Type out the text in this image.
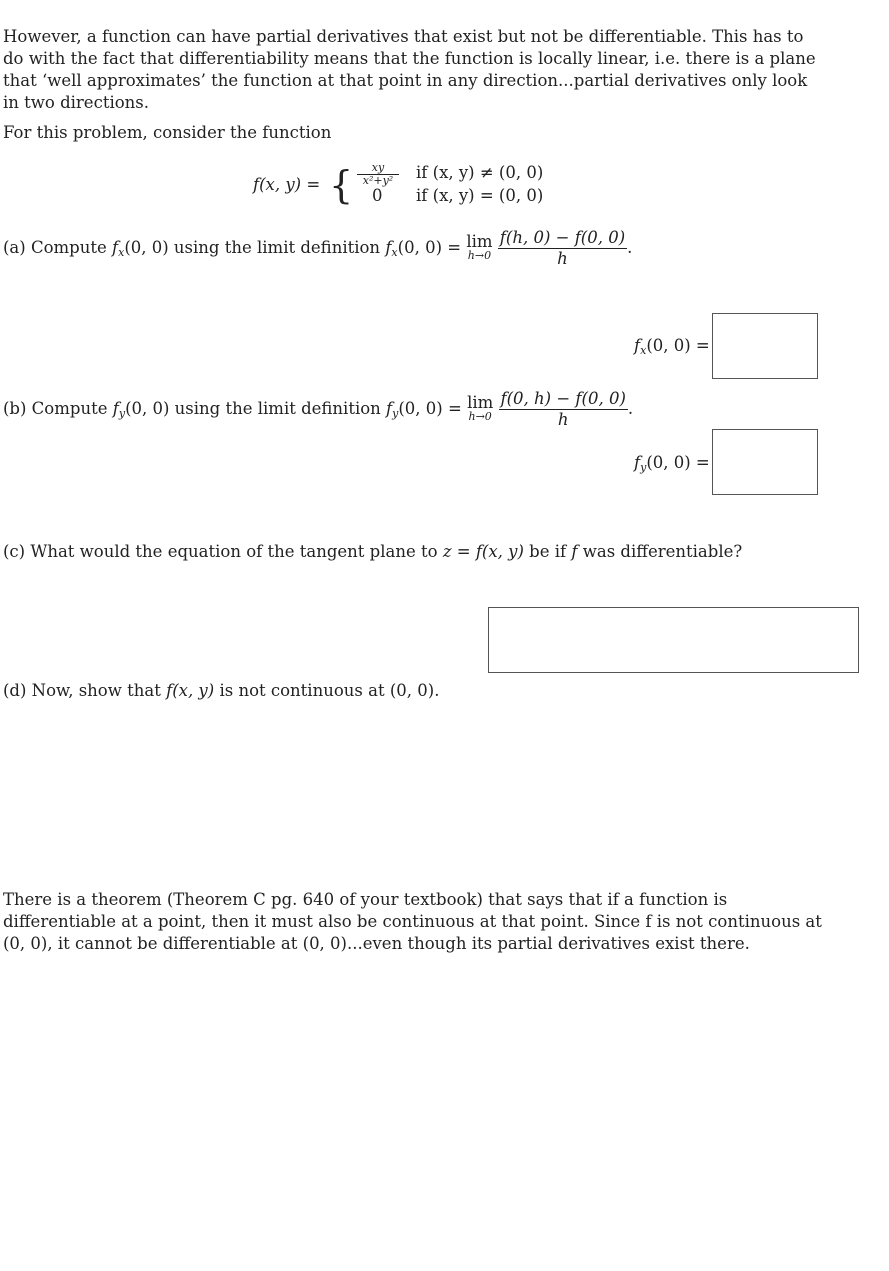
However, a function can have partial derivatives that exist but not be differentiable. This has to do with the fact that differentiability means that the function is locally linear, i.e. there is a plane that ‘well approximates’ the function at that point in any direction...partial derivatives only look in two directions.
For this problem, consider the function
f(x, y) = { $\frac{xy}{\text{x²+y²}}$ if (x, y) ≠ (0, 0)
0 if (x, y) = (0, 0)
(a) Compute $f_x(0$, 0) using the limit definition $f_x(0$, 0) = lim
h→0
$\frac{f(h, 0) - f(0, 0)}{h}$ .
$f_x(0$, 0) =
(b) Compute $f_y(0$, 0) using the limit definition $f_y(0$, 0) = lim
h→0
$\frac{f(0, h) - f(0, 0)}{h}$ .
$f_y(0$, 0) =
(c) What would the equation of the tangent plane to z = f(x, y) be if f was differentiable?
(d) Now, show that f(x, y) is not continuous at (0, 0).
There is a theorem (Theorem C pg. 640 of your textbook) that says that if a function is differentiable at a point, then it must also be continuous at that point. Since f is not continuous at (0, 0), it cannot be differentiable at (0, 0)...even though its partial derivatives exist there.
